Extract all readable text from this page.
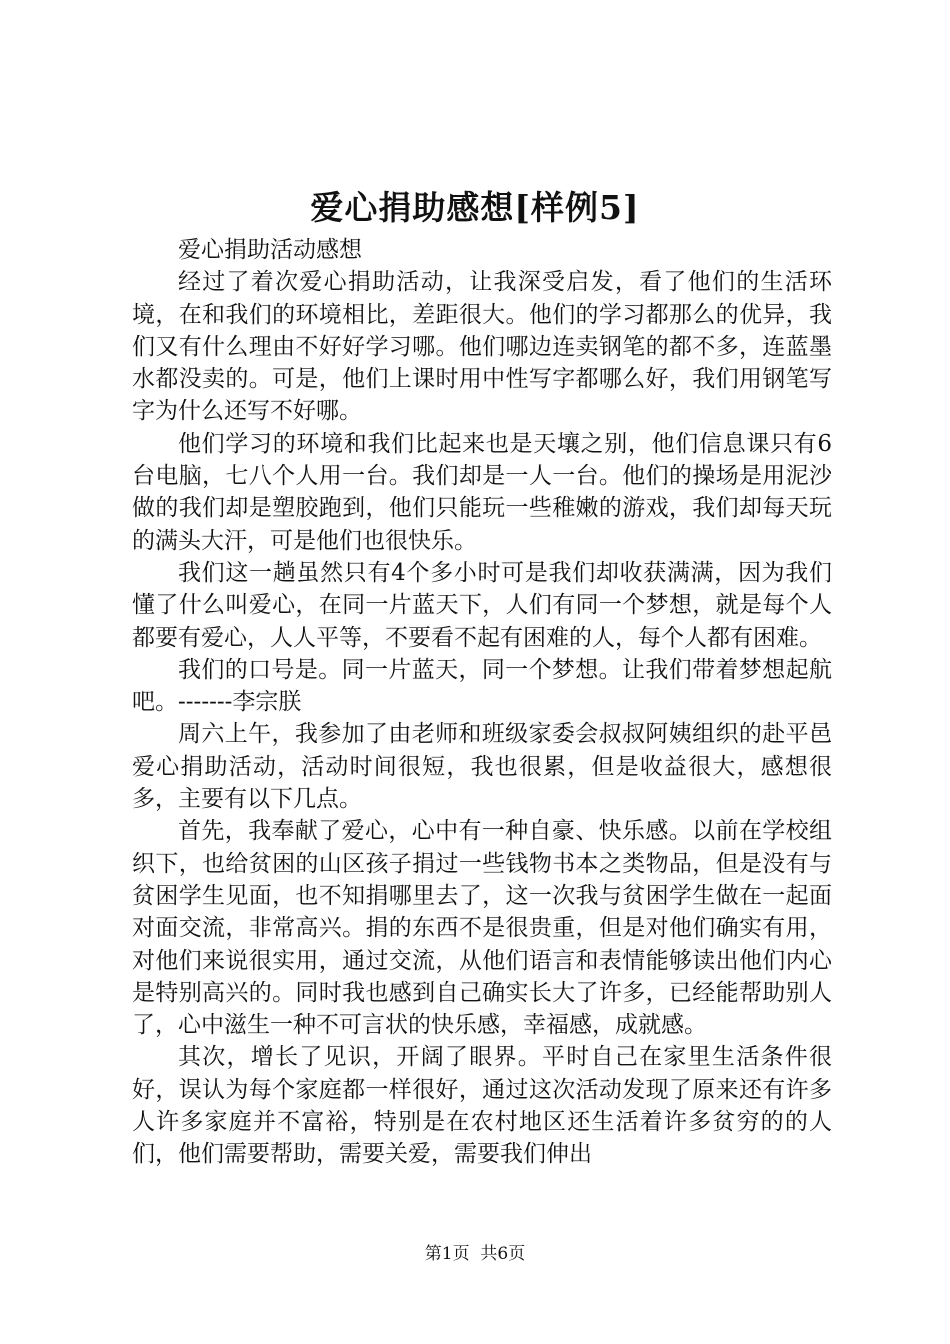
爱心捐助感想[样例5]

爱心捐助活动感想

经过了着次爱心捐助活动，让我深受启发，看了他们的生活环境，在和我们的环境相比，差距很大。他们的学习都那么的优异，我们又有什么理由不好好学习哪。他们哪边连卖钢笔的都不多，连蓝墨水都没卖的。可是，他们上课时用中性写字都哪么好，我们用钢笔写字为什么还写不好哪。

他们学习的环境和我们比起来也是天壤之别，他们信息课只有6台电脑，七八个人用一台。我们却是一人一台。他们的操场是用泥沙做的我们却是塑胶跑到，他们只能玩一些稚嫩的游戏，我们却每天玩的满头大汗，可是他们也很快乐。

我们这一趟虽然只有4个多小时可是我们却收获满满，因为我们懂了什么叫爱心，在同一片蓝天下，人们有同一个梦想，就是每个人都要有爱心，人人平等，不要看不起有困难的人，每个人都有困难。

我们的口号是。同一片蓝天，同一个梦想。让我们带着梦想起航吧。-------李宗朕

周六上午，我参加了由老师和班级家委会叔叔阿姨组织的赴平邑爱心捐助活动，活动时间很短，我也很累，但是收益很大，感想很多，主要有以下几点。

首先，我奉献了爱心，心中有一种自豪、快乐感。以前在学校组织下，也给贫困的山区孩子捐过一些钱物书本之类物品，但是没有与贫困学生见面，也不知捐哪里去了，这一次我与贫困学生做在一起面对面交流，非常高兴。捐的东西不是很贵重，但是对他们确实有用，对他们来说很实用，通过交流，从他们语言和表情能够读出他们内心是特别高兴的。同时我也感到自己确实长大了许多，已经能帮助别人了，心中滋生一种不可言状的快乐感，幸福感，成就感。

其次，增长了见识，开阔了眼界。平时自己在家里生活条件很好，误认为每个家庭都一样很好，通过这次活动发现了原来还有许多人许多家庭并不富裕，特别是在农村地区还生活着许多贫穷的的人们，他们需要帮助，需要关爱，需要我们伸出

第1页 共6页
